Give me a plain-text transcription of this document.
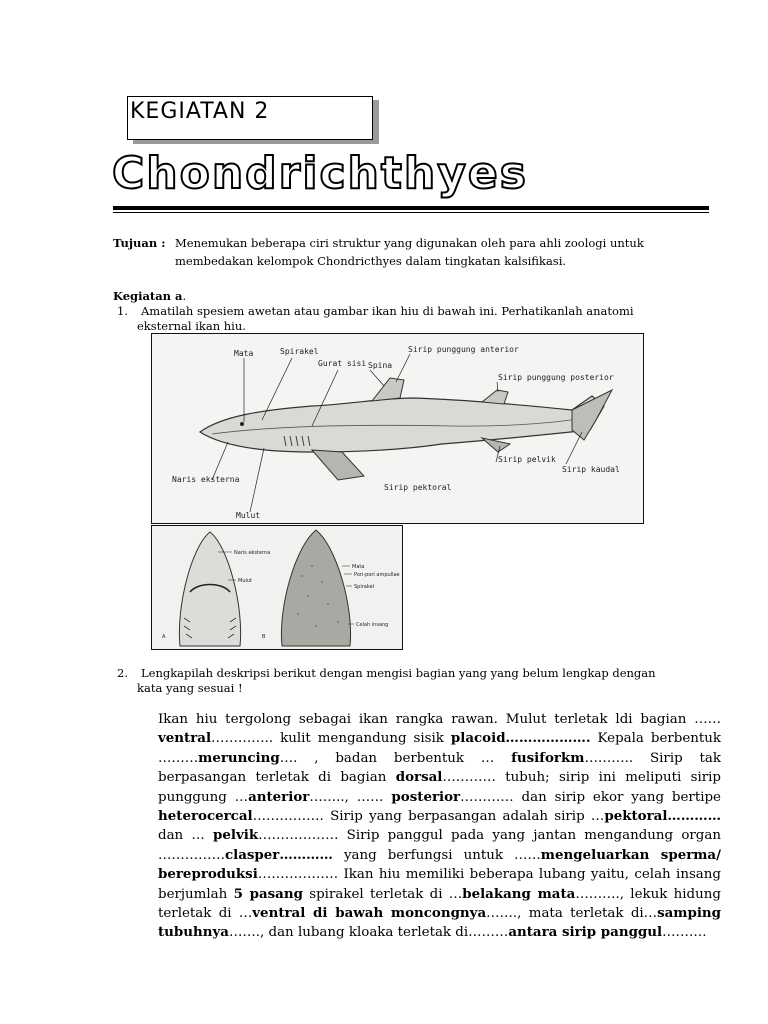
KEGIATAN 2
Chondrichthyes
Tujuan : Menemukan beberapa ciri struktur yang digunakan oleh para ahli zoologi untuk
membedakan kelompok Chondricthyes dalam tingkatan kalsifikasi.
Kegiatan a.
1. Amatilah spesiem awetan atau gambar ikan hiu di bawah ini. Perhatikanlah anatomi
eksternal ikan hiu.
Mata	Spirakel
Gurat sisi Spina
Sirip punggung anterior
Sirip punggung posterior
Sirip pelvik
Sirip kaudal
Naris eksterna
Sirip pektoral
Mulut
Naris eksterna
Mulut
Mata
Pori-pori ampullae
Spirakel
Celah insang
A	B
2. Lengkapilah deskripsi berikut dengan mengisi bagian yang yang belum lengkap dengan
kata yang sesuai !
Ikan hiu tergolong sebagai ikan rangka rawan. Mulut terletak ldi bagian ……ventral………….. kulit mengandung sisik placoid………………. Kepala berbentuk ………meruncing…. , badan berbentuk … fusiforkm……….. Sirip tak berpasangan terletak di bagian dorsal………… tubuh; sirip ini meliputi sirip punggung …anterior…….., …… posterior………… dan sirip ekor yang bertipe heterocercal……………. Sirip yang berpasangan adalah sirip …pektoral………… dan … pelvik……………… Sirip panggul pada yang jantan mengandung organ ……………clasper………… yang berfungsi untuk ……mengeluarkan sperma/ bereproduksi……………… Ikan hiu memiliki beberapa lubang yaitu, celah insang berjumlah 5 pasang spirakel terletak di …belakang mata………., lekuk hidung terletak di …ventral di bawah moncongnya……., mata terletak di…samping tubuhnya……., dan lubang kloaka terletak di………antara sirip panggul……….
